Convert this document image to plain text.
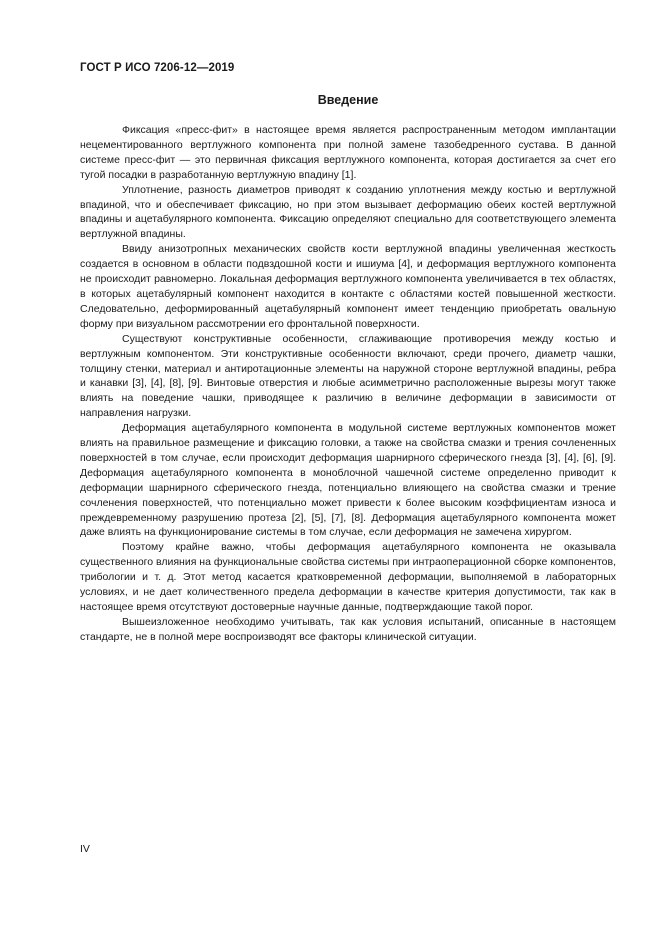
ГОСТ Р ИСО 7206-12—2019
Введение

Фиксация «пресс-фит» в настоящее время является распространенным методом имплантации нецементированного вертлужного компонента при полной замене тазобедренного сустава. В данной системе пресс-фит — это первичная фиксация вертлужного компонента, которая достигается за счет его тугой посадки в разработанную вертлужную впадину [1].

Уплотнение, разность диаметров приводят к созданию уплотнения между костью и вертлужной впадиной, что и обеспечивает фиксацию, но при этом вызывает деформацию обеих костей вертлужной впадины и ацетабулярного компонента. Фиксацию определяют специально для соответствующего элемента вертлужной впадины.

Ввиду анизотропных механических свойств кости вертлужной впадины увеличенная жесткость создается в основном в области подвздошной кости и ишиума [4], и деформация вертлужного компонента не происходит равномерно. Локальная деформация вертлужного компонента увеличивается в тех областях, в которых ацетабулярный компонент находится в контакте с областями костей повышенной жесткости. Следовательно, деформированный ацетабулярный компонент имеет тенденцию приобретать овальную форму при визуальном рассмотрении его фронтальной поверхности.

Существуют конструктивные особенности, сглаживающие противоречия между костью и вертлужным компонентом. Эти конструктивные особенности включают, среди прочего, диаметр чашки, толщину стенки, материал и антиротационные элементы на наружной стороне вертлужной впадины, ребра и канавки [3], [4], [8], [9]. Винтовые отверстия и любые асимметрично расположенные вырезы могут также влиять на поведение чашки, приводящее к различию в величине деформации в зависимости от направления нагрузки.

Деформация ацетабулярного компонента в модульной системе вертлужных компонентов может влиять на правильное размещение и фиксацию головки, а также на свойства смазки и трения сочлененных поверхностей в том случае, если происходит деформация шарнирного сферического гнезда [3], [4], [6], [9]. Деформация ацетабулярного компонента в моноблочной чашечной системе определенно приводит к деформации шарнирного сферического гнезда, потенциально влияющего на свойства смазки и трение сочленения поверхностей, что потенциально может привести к более высоким коэффициентам износа и преждевременному разрушению протеза [2], [5], [7], [8]. Деформация ацетабулярного компонента может даже влиять на функционирование системы в том случае, если деформация не замечена хирургом.

Поэтому крайне важно, чтобы деформация ацетабулярного компонента не оказывала существенного влияния на функциональные свойства системы при интраоперационной сборке компонентов, трибологии и т. д. Этот метод касается кратковременной деформации, выполняемой в лабораторных условиях, и не дает количественного предела деформации в качестве критерия допустимости, так как в настоящее время отсутствуют достоверные научные данные, подтверждающие такой порог.

Вышеизложенное необходимо учитывать, так как условия испытаний, описанные в настоящем стандарте, не в полной мере воспроизводят все факторы клинической ситуации.

IV
